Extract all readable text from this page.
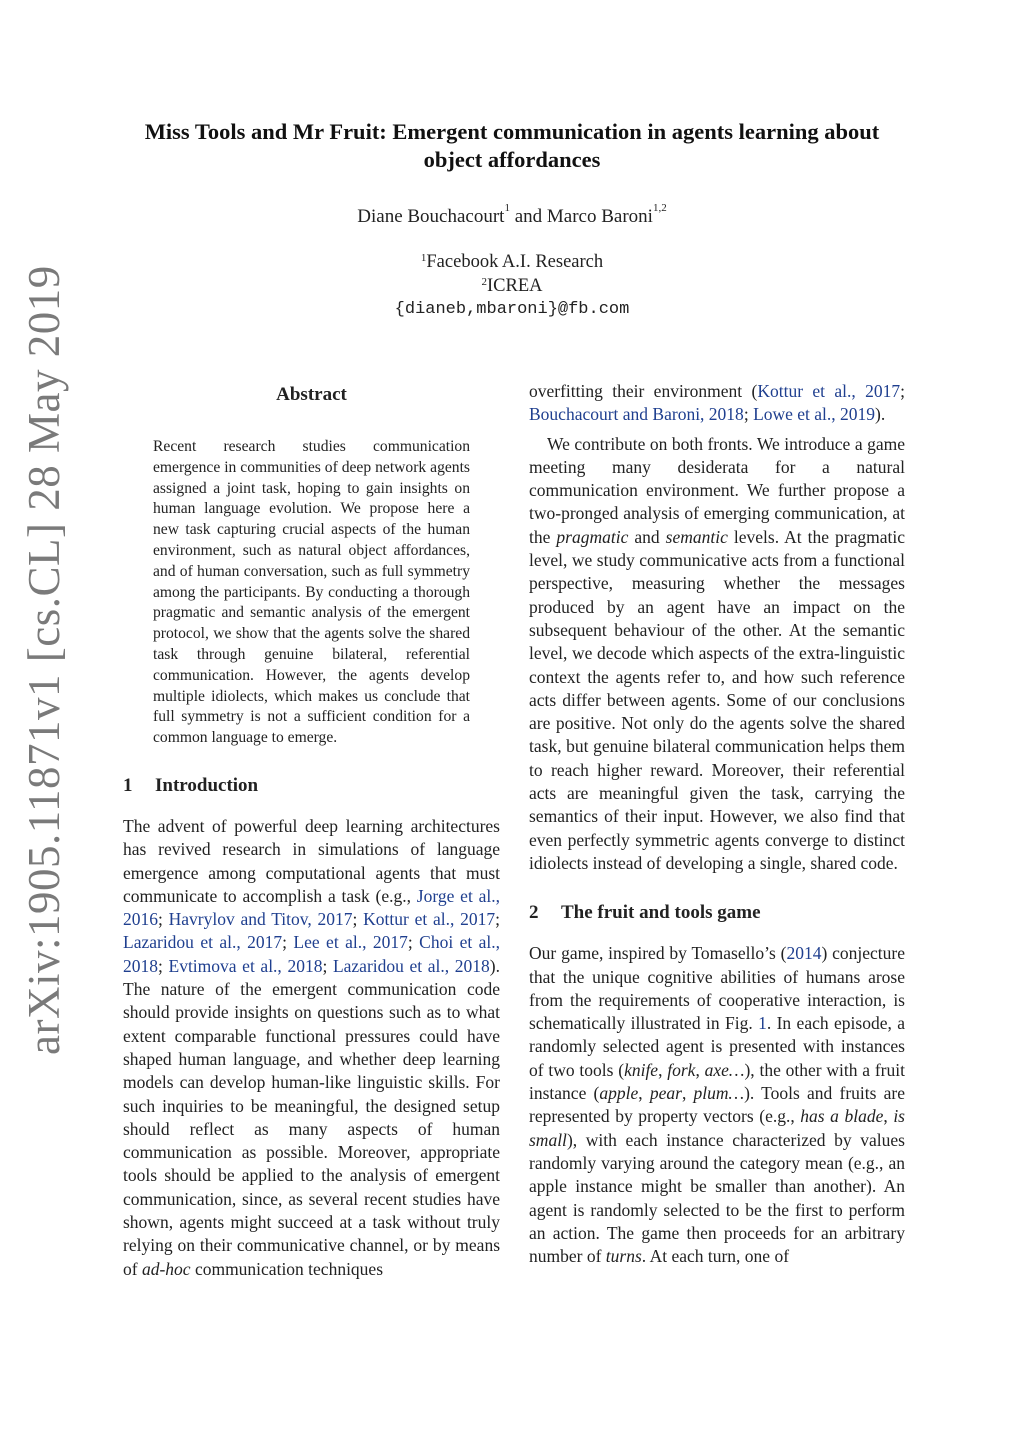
arXiv:1905.11871v1 [cs.CL] 28 May 2019
Miss Tools and Mr Fruit: Emergent communication in agents learning about object affordances
Diane Bouchacourt$^1$ and Marco Baroni$^{1,2}$
$^1$Facebook A.I. Research
$^2$ICREA
{dianeb,mbaroni}@fb.com
Abstract
Recent research studies communication emergence in communities of deep network agents assigned a joint task, hoping to gain insights on human language evolution. We propose here a new task capturing crucial aspects of the human environment, such as natural object affordances, and of human conversation, such as full symmetry among the participants. By conducting a thorough pragmatic and semantic analysis of the emergent protocol, we show that the agents solve the shared task through genuine bilateral, referential communication. However, the agents develop multiple idiolects, which makes us conclude that full symmetry is not a sufficient condition for a common language to emerge.
1 Introduction

The advent of powerful deep learning architectures has revived research in simulations of language emergence among computational agents that must communicate to accomplish a task (e.g., Jorge et al., 2016; Havrylov and Titov, 2017; Kottur et al., 2017; Lazaridou et al., 2017; Lee et al., 2017; Choi et al., 2018; Evtimova et al., 2018; Lazaridou et al., 2018). The nature of the emergent communication code should provide insights on questions such as to what extent comparable functional pressures could have shaped human language, and whether deep learning models can develop human-like linguistic skills. For such inquiries to be meaningful, the designed setup should reflect as many aspects of human communication as possible. Moreover, appropriate tools should be applied to the analysis of emergent communication, since, as several recent studies have shown, agents might succeed at a task without truly relying on their communicative channel, or by means of ad-hoc communication techniques

overfitting their environment (Kottur et al., 2017; Bouchacourt and Baroni, 2018; Lowe et al., 2019).

We contribute on both fronts. We introduce a game meeting many desiderata for a natural communication environment. We further propose a two-pronged analysis of emerging communication, at the pragmatic and semantic levels. At the pragmatic level, we study communicative acts from a functional perspective, measuring whether the messages produced by an agent have an impact on the subsequent behaviour of the other. At the semantic level, we decode which aspects of the extra-linguistic context the agents refer to, and how such reference acts differ between agents. Some of our conclusions are positive. Not only do the agents solve the shared task, but genuine bilateral communication helps them to reach higher reward. Moreover, their referential acts are meaningful given the task, carrying the semantics of their input. However, we also find that even perfectly symmetric agents converge to distinct idiolects instead of developing a single, shared code.

2 The fruit and tools game

Our game, inspired by Tomasello’s (2014) conjecture that the unique cognitive abilities of humans arose from the requirements of cooperative interaction, is schematically illustrated in Fig. 1. In each episode, a randomly selected agent is presented with instances of two tools (knife, fork, axe…), the other with a fruit instance (apple, pear, plum…). Tools and fruits are represented by property vectors (e.g., has a blade, is small), with each instance characterized by values randomly varying around the category mean (e.g., an apple instance might be smaller than another). An agent is randomly selected to be the first to perform an action. The game then proceeds for an arbitrary number of turns. At each turn, one of
